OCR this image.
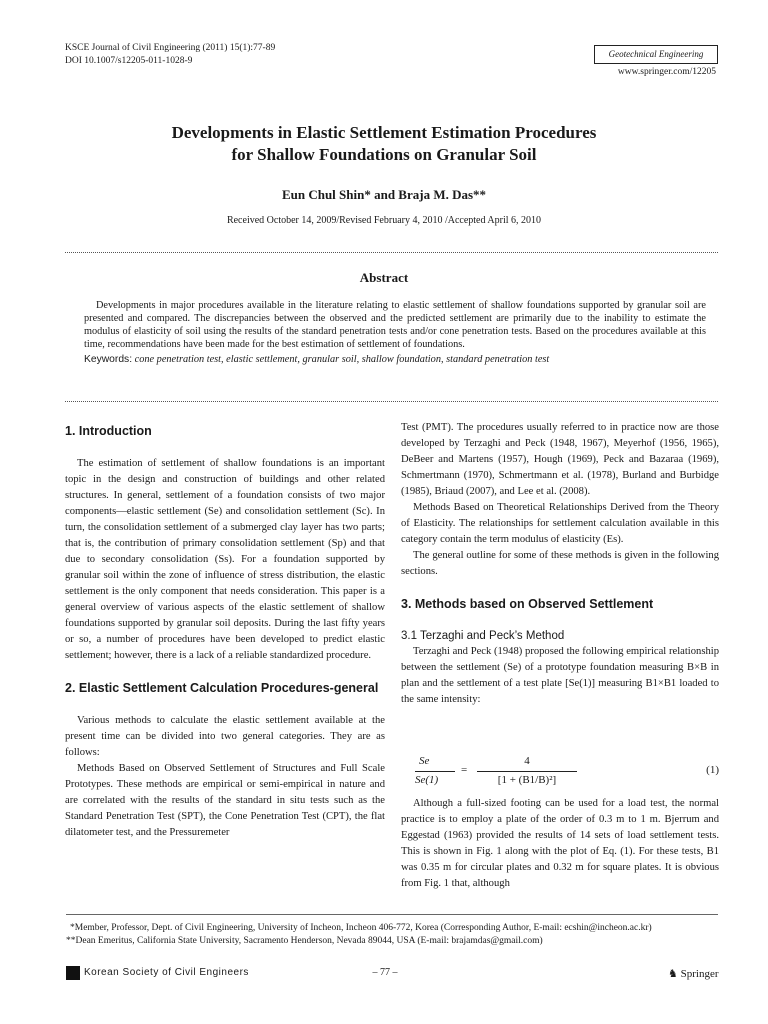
KSCE Journal of Civil Engineering (2011) 15(1):77-89
DOI 10.1007/s12205-011-1028-9
Geotechnical Engineering
www.springer.com/12205
Developments in Elastic Settlement Estimation Procedures
for Shallow Foundations on Granular Soil
Eun Chul Shin* and Braja M. Das**
Received October 14, 2009/Revised February 4, 2010 /Accepted April 6, 2010
Abstract

Developments in major procedures available in the literature relating to elastic settlement of shallow foundations supported by granular soil are presented and compared. The discrepancies between the observed and the predicted settlement are primarily due to the inability to estimate the modulus of elasticity of soil using the results of the standard penetration tests and/or cone penetration tests. Based on the procedures available at this time, recommendations have been made for the best estimation of settlement of foundations.

Keywords: cone penetration test, elastic settlement, granular soil, shallow foundation, standard penetration test
1. Introduction

The estimation of settlement of shallow foundations is an important topic in the design and construction of buildings and other related structures. In general, settlement of a foundation consists of two major components—elastic settlement (Se) and consolidation settlement (Sc). In turn, the consolidation settlement of a submerged clay layer has two parts; that is, the contribution of primary consolidation settlement (Sp) and that due to secondary consolidation (Ss). For a foundation supported by granular soil within the zone of influence of stress distribution, the elastic settlement is the only component that needs consideration. This paper is a general overview of various aspects of the elastic settlement of shallow foundations supported by granular soil deposits. During the last fifty years or so, a number of procedures have been developed to predict elastic settlement; however, there is a lack of a reliable standardized procedure.

2. Elastic Settlement Calculation Procedures-general

Various methods to calculate the elastic settlement available at the present time can be divided into two general categories. They are as follows:

Methods Based on Observed Settlement of Structures and Full Scale Prototypes. These methods are empirical or semi-empirical in nature and are correlated with the results of the standard in situ tests such as the Standard Penetration Test (SPT), the Cone Penetration Test (CPT), the flat dilatometer test, and the Pressuremeter

Test (PMT). The procedures usually referred to in practice now are those developed by Terzaghi and Peck (1948, 1967), Meyerhof (1956, 1965), DeBeer and Martens (1957), Hough (1969), Peck and Bazaraa (1969), Schmertmann (1970), Schmertmann et al. (1978), Burland and Burbidge (1985), Briaud (2007), and Lee et al. (2008).

Methods Based on Theoretical Relationships Derived from the Theory of Elasticity. The relationships for settlement calculation available in this category contain the term modulus of elasticity (Es).

The general outline for some of these methods is given in the following sections.

3. Methods based on Observed Settlement
3.1 Terzaghi and Peck’s Method

Terzaghi and Peck (1948) proposed the following empirical relationship between the settlement (Se) of a prototype foundation measuring B×B in plan and the settlement of a test plate [Se(1)] measuring B1×B1 loaded to the same intensity:

Se
Se(1)
=
4
[1 + (B1/B)²]
(1)

Although a full-sized footing can be used for a load test, the normal practice is to employ a plate of the order of 0.3 m to 1 m. Bjerrum and Eggestad (1963) provided the results of 14 sets of load settlement tests. This is shown in Fig. 1 along with the plot of Eq. (1). For these tests, B1 was 0.35 m for circular plates and 0.32 m for square plates. It is obvious from Fig. 1 that, although

*Member, Professor, Dept. of Civil Engineering, University of Incheon, Incheon 406-772, Korea (Corresponding Author, E-mail: ecshin@incheon.ac.kr)
**Dean Emeritus, California State University, Sacramento Henderson, Nevada 89044, USA (E-mail: brajamdas@gmail.com)
Korean Society of Civil Engineers	– 77 –	♞ Springer
